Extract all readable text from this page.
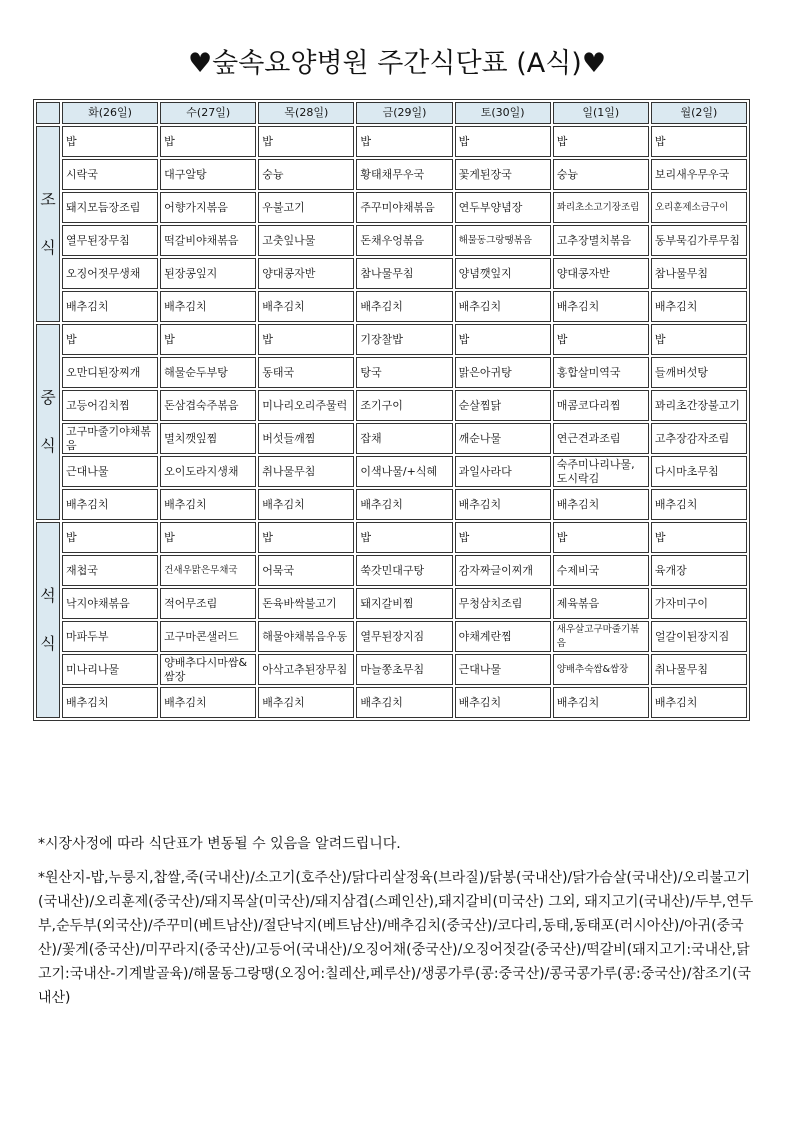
♥숲속요양병원 주간식단표 (A식)♥
	화(26일)	수(27일)	목(28일)	금(29일)	토(30일)	일(1일)	월(2일)

조
식	밥	밥	밥	밥	밥	밥	밥
	시락국	대구알탕	숭늉	황태채무우국	꽃게된장국	숭늉	보리새우무우국
	돼지모듬장조림	어향가지볶음	우불고기	주꾸미야채볶음	연두부양념장	꽈리초소고기장조림	오리훈제소금구이
	열무된장무침	떡갈비야채볶음	고춧잎나물	돈채우엉볶음	해물동그랑땡볶음	고추장멸치볶음	동부묵김가루무침
	오징어젓무생채	된장콩잎지	양대콩자반	참나물무침	양념깻잎지	양대콩자반	참나물무침
	배추김치	배추김치	배추김치	배추김치	배추김치	배추김치	배추김치

중
식	밥	밥	밥	기장찰밥	밥	밥	밥
	오만디된장찌개	해물순두부탕	동태국	탕국	맑은아귀탕	홍합살미역국	들깨버섯탕
	고등어김치찜	돈삼겹숙주볶음	미나리오리주물럭	조기구이	순살찜닭	매콤코다리찜	꽈리초간장불고기
	고구마줄기야채볶음	멸치깻잎찜	버섯들깨찜	잡채	깨순나물	연근견과조림	고추장감자조림
	근대나물	오이도라지생채	취나물무침	이색나물/+식혜	과일사라다	숙주미나리나물,도시락김	다시마초무침
	배추김치	배추김치	배추김치	배추김치	배추김치	배추김치	배추김치

석
식	밥	밥	밥	밥	밥	밥	밥
	재첩국	건새우맑은무채국	어묵국	쑥갓민대구탕	감자짜글이찌개	수제비국	육개장
	낙지야채볶음	적어무조림	돈육바싹불고기	돼지갈비찜	무청삼치조림	제육볶음	가자미구이
	마파두부	고구마콘샐러드	해물야채볶음우동	열무된장지짐	야채계란찜	새우살고구마줄기볶음	얼갈이된장지짐
	미나리나물	양배추다시마쌈&쌈장	아삭고추된장무침	마늘쫑초무침	근대나물	양배추숙쌈&쌈장	취나물무침
	배추김치	배추김치	배추김치	배추김치	배추김치	배추김치	배추김치

*시장사정에 따라 식단표가 변동될 수 있음을 알려드립니다.

*원산지-밥,누룽지,찹쌀,죽(국내산)/소고기(호주산)/닭다리살정육(브라질)/닭봉(국내산)/닭가슴살(국내산)/오리불고기(국내산)/오리훈제(중국산)/돼지목살(미국산)/돼지삼겹(스페인산),돼지갈비(미국산) 그외, 돼지고기(국내산)/두부,연두부,순두부(외국산)/주꾸미(베트남산)/절단낙지(베트남산)/배추김치(중국산)/코다리,동태,동태포(러시아산)/아귀(중국산)/꽃게(중국산)/미꾸라지(중국산)/고등어(국내산)/오징어채(중국산)/오징어젓갈(중국산)/떡갈비(돼지고기:국내산,닭고기:국내산-기계발골육)/해물동그랑땡(오징어:칠레산,페루산)/생콩가루(콩:중국산)/콩국콩가루(콩:중국산)/참조기(국내산)
